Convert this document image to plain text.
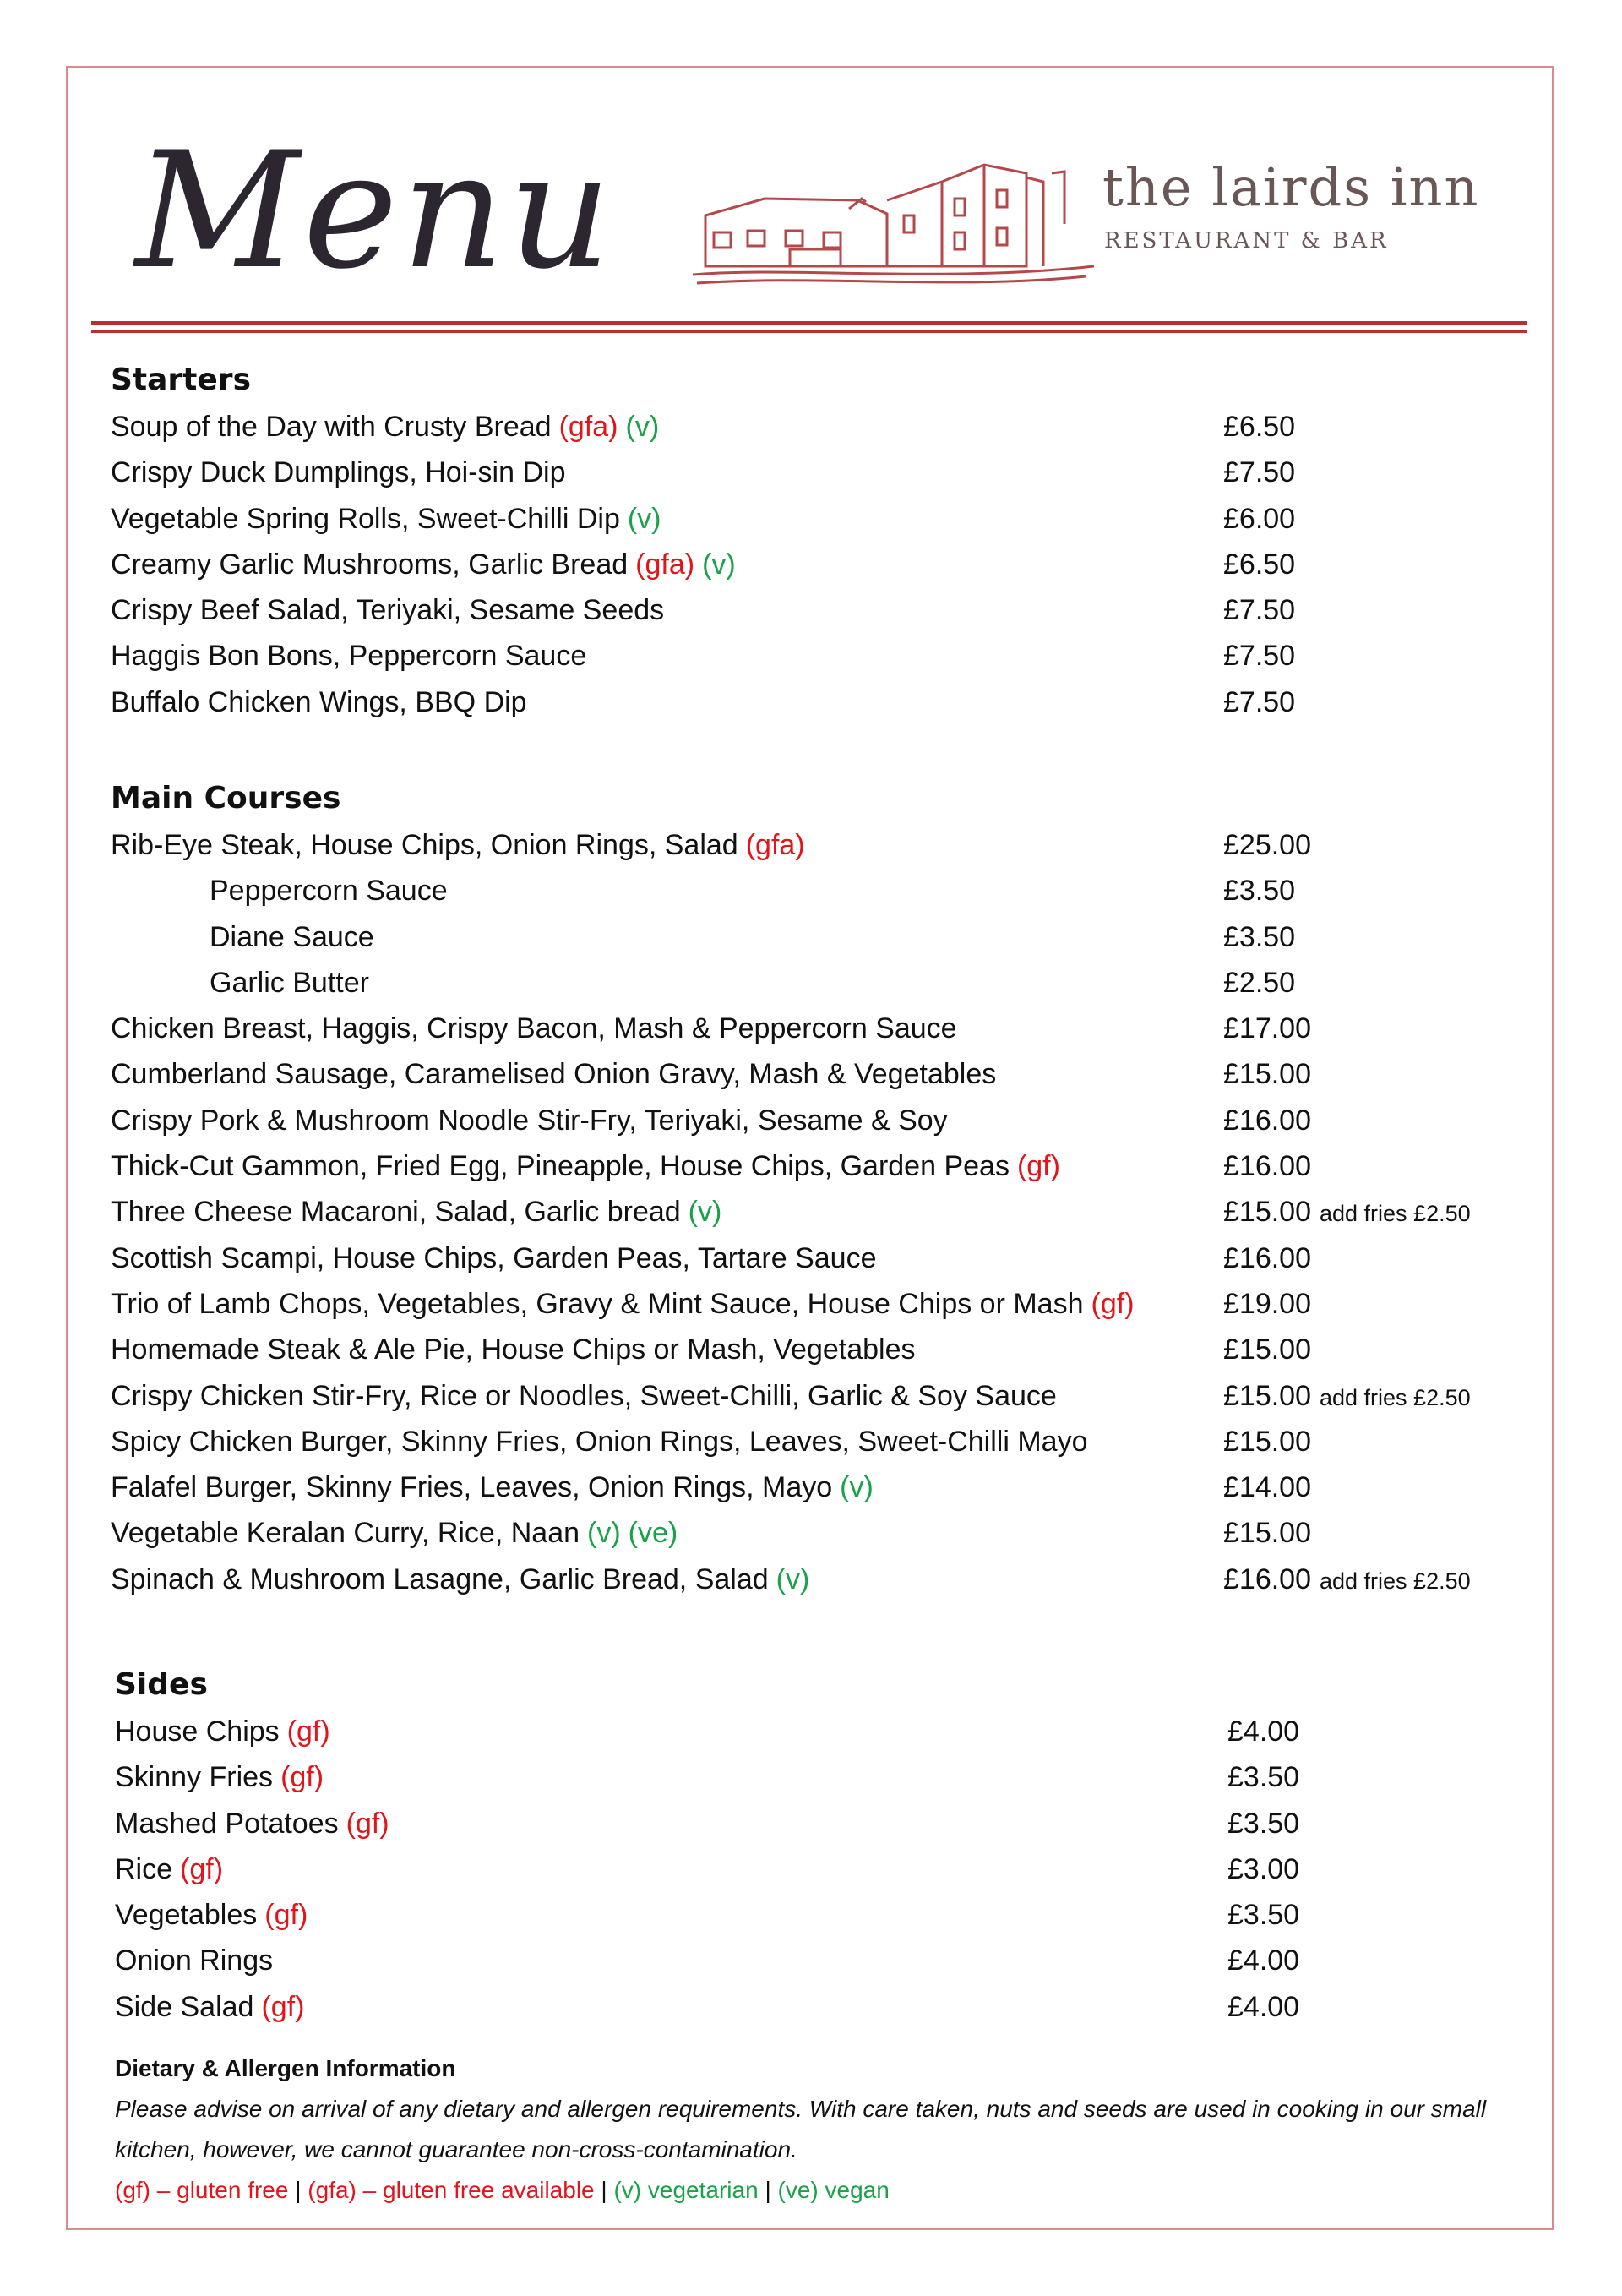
Menu	the lairds inn
RESTAURANT & BAR
Starters
Soup of the Day with Crusty Bread (gfa) (v)	£6.50
Crispy Duck Dumplings, Hoi-sin Dip	£7.50
Vegetable Spring Rolls, Sweet-Chilli Dip (v)	£6.00
Creamy Garlic Mushrooms, Garlic Bread (gfa) (v)	£6.50
Crispy Beef Salad, Teriyaki, Sesame Seeds	£7.50
Haggis Bon Bons, Peppercorn Sauce	£7.50
Buffalo Chicken Wings, BBQ Dip	£7.50
Main Courses
Rib-Eye Steak, House Chips, Onion Rings, Salad (gfa)	£25.00
Peppercorn Sauce	£3.50
Diane Sauce	£3.50
Garlic Butter	£2.50
Chicken Breast, Haggis, Crispy Bacon, Mash & Peppercorn Sauce	£17.00
Cumberland Sausage, Caramelised Onion Gravy, Mash & Vegetables	£15.00
Crispy Pork & Mushroom Noodle Stir-Fry, Teriyaki, Sesame & Soy	£16.00
Thick-Cut Gammon, Fried Egg, Pineapple, House Chips, Garden Peas (gf)	£16.00
Three Cheese Macaroni, Salad, Garlic bread (v)	£15.00 add fries £2.50
Scottish Scampi, House Chips, Garden Peas, Tartare Sauce	£16.00
Trio of Lamb Chops, Vegetables, Gravy & Mint Sauce, House Chips or Mash (gf)	£19.00
Homemade Steak & Ale Pie, House Chips or Mash, Vegetables	£15.00
Crispy Chicken Stir-Fry, Rice or Noodles, Sweet-Chilli, Garlic & Soy Sauce	£15.00 add fries £2.50
Spicy Chicken Burger, Skinny Fries, Onion Rings, Leaves, Sweet-Chilli Mayo	£15.00
Falafel Burger, Skinny Fries, Leaves, Onion Rings, Mayo (v)	£14.00
Vegetable Keralan Curry, Rice, Naan (v) (ve)	£15.00
Spinach & Mushroom Lasagne, Garlic Bread, Salad (v)	£16.00 add fries £2.50
Sides
House Chips (gf)	£4.00
Skinny Fries (gf)	£3.50
Mashed Potatoes (gf)	£3.50
Rice (gf)	£3.00
Vegetables (gf)	£3.50
Onion Rings	£4.00
Side Salad (gf)	£4.00
Dietary & Allergen Information
Please advise on arrival of any dietary and allergen requirements. With care taken, nuts and seeds are used in cooking in our small kitchen, however, we cannot guarantee non-cross-contamination.
(gf) – gluten free | (gfa) – gluten free available | (v) vegetarian | (ve) vegan
